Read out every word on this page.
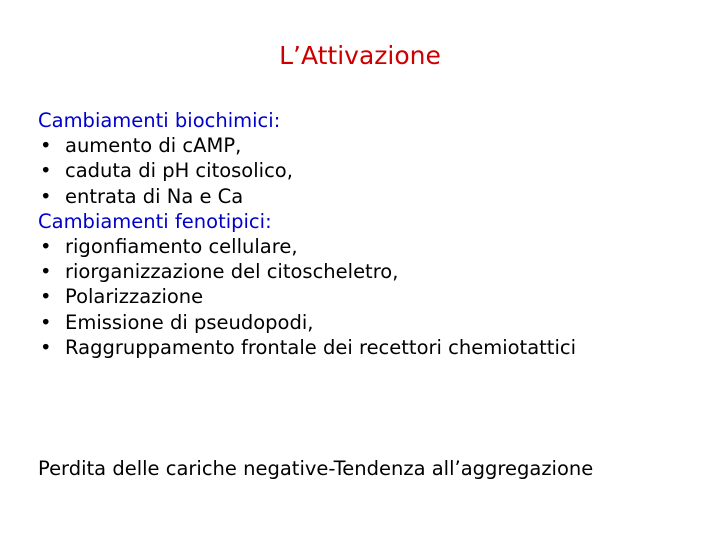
L’Attivazione
Cambiamenti biochimici:
• aumento di cAMP,
• caduta di pH citosolico,
• entrata di Na e Ca
Cambiamenti fenotipici:
• rigonfiamento cellulare,
• riorganizzazione del citoscheletro,
• Polarizzazione
• Emissione di pseudopodi,
• Raggruppamento frontale dei recettori chemiotattici
Perdita delle cariche negative-Tendenza all’aggregazione
